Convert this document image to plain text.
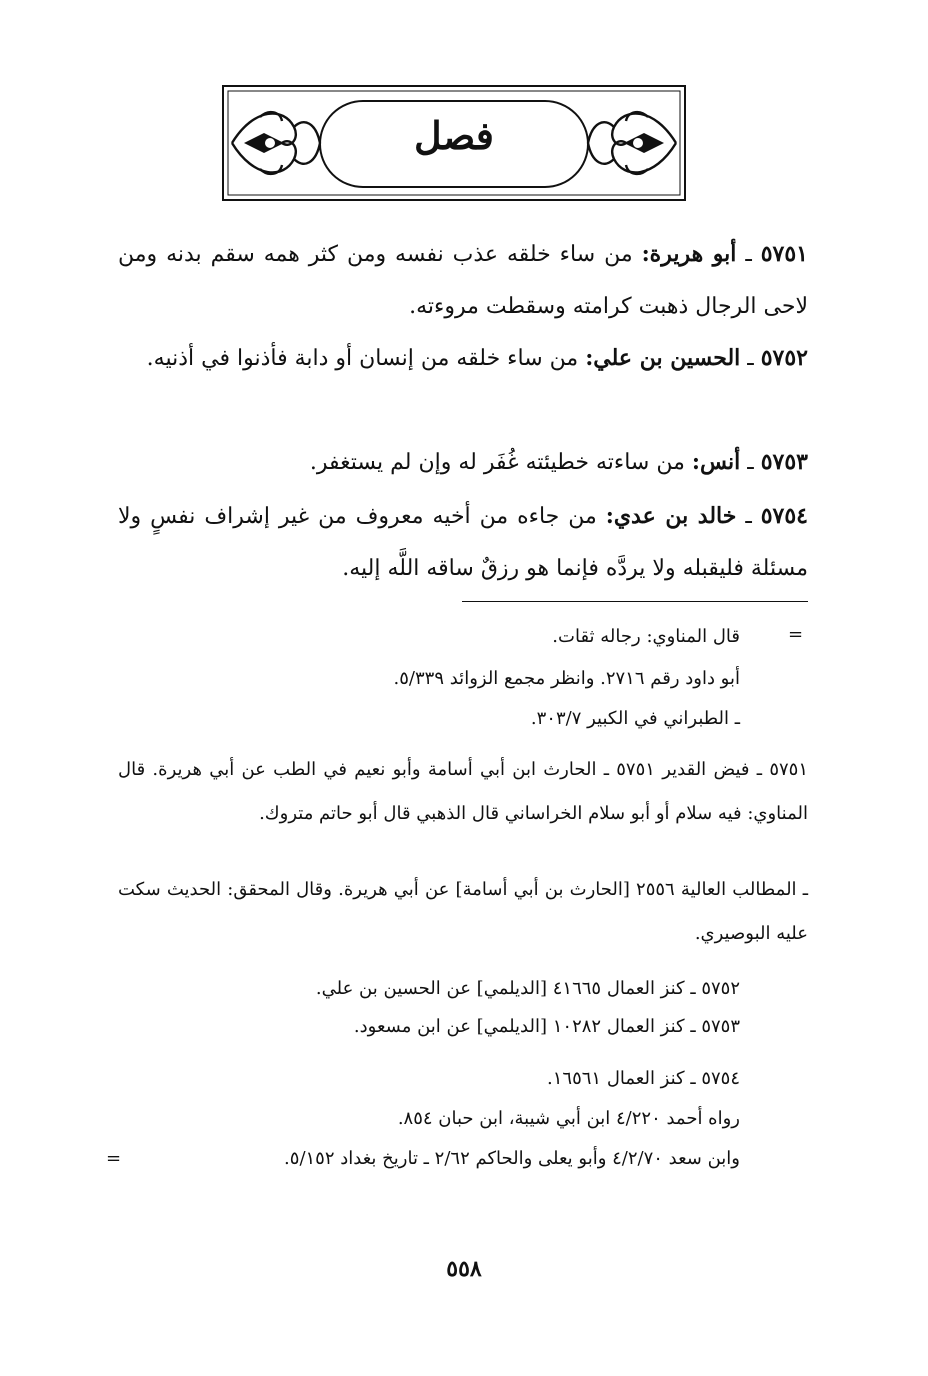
فصل

٥٧٥١ ـ أبو هريرة: من ساء خلقه عذب نفسه ومن كثر همه سقم بدنه ومن لاحى الرجال ذهبت كرامته وسقطت مروءته.

٥٧٥٢ ـ الحسين بن علي: من ساء خلقه من إنسان أو دابة فأذنوا في أذنيه.

٥٧٥٣ ـ أنس: من ساءته خطيئته غُفَر له وإن لم يستغفر.

٥٧٥٤ ـ خالد بن عدي: من جاءه من أخيه معروف من غير إشراف نفسٍ ولا مسئلة فليقبله ولا يردَّه فإنما هو رزقٌ ساقه اللَّه إليه.

=
قال المناوي: رجاله ثقات.
أبو داود رقم ٢٧١٦. وانظر مجمع الزوائد ٥/٣٣٩.
ـ الطبراني في الكبير ٣٠٣/٧.
٥٧٥١ ـ فيض القدير ٥٧٥١ ـ الحارث ابن أبي أسامة وأبو نعيم في الطب عن أبي هريرة. قال المناوي: فيه سلام أو أبو سلام الخراساني قال الذهبي قال أبو حاتم متروك.
ـ المطالب العالية ٢٥٥٦ [الحارث بن أبي أسامة] عن أبي هريرة. وقال المحقق: الحديث سكت عليه البوصيري.
٥٧٥٢ ـ كنز العمال ٤١٦٦٥ [الديلمي] عن الحسين بن علي.
٥٧٥٣ ـ كنز العمال ١٠٢٨٢ [الديلمي] عن ابن مسعود.
٥٧٥٤ ـ كنز العمال ١٦٥٦١.
رواه أحمد ٤/٢٢٠ ابن أبي شيبة، ابن حبان ٨٥٤.
وابن سعد ٤/٢/٧٠ وأبو يعلى والحاكم ٢/٦٢ ـ تاريخ بغداد ٥/١٥٢.
=
٥٥٨
